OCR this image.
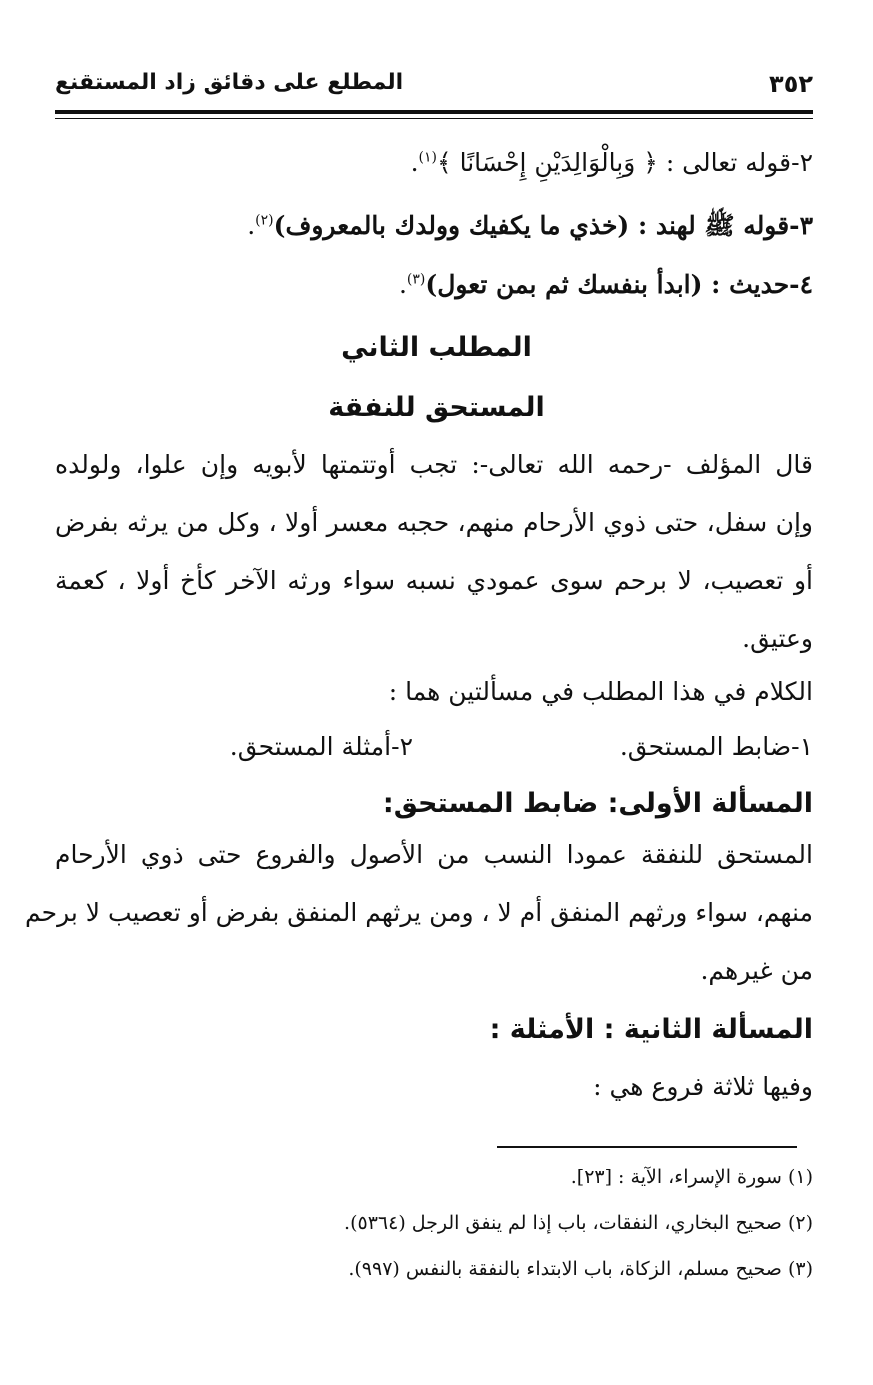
٣٥٢
المطلع على دقائق زاد المستقنع
٢-قوله تعالى : ﴿ وَبِالْوَالِدَيْنِ إِحْسَانًا ﴾$^{(١)}$.
٣-قوله ﷺ لهند : (خذي ما يكفيك وولدك بالمعروف)$^{(٢)}$.
٤-حديث : (ابدأ بنفسك ثم بمن تعول)$^{(٣)}$.
المطلب الثاني
المستحق للنفقة
قال المؤلف -رحمه الله تعالى-: تجب أوتتمتها لأبويه وإن علوا، ولولده
وإن سفل، حتى ذوي الأرحام منهم، حجبه معسر أولا ، وكل من يرثه بفرض
أو تعصيب، لا برحم سوى عمودي نسبه سواء ورثه الآخر كأخ أولا ، كعمة
وعتيق.
الكلام في هذا المطلب في مسألتين هما :
١-ضابط المستحق.
٢-أمثلة المستحق.
المسألة الأولى: ضابط المستحق:
المستحق للنفقة عمودا النسب من الأصول والفروع حتى ذوي الأرحام
منهم، سواء ورثهم المنفق أم لا ، ومن يرثهم المنفق بفرض أو تعصيب لا برحم
من غيرهم.
المسألة الثانية : الأمثلة :
وفيها ثلاثة فروع هي :
(١) سورة الإسراء، الآية : [٢٣].
(٢) صحيح البخاري، النفقات، باب إذا لم ينفق الرجل (٥٣٦٤).
(٣) صحيح مسلم، الزكاة، باب الابتداء بالنفقة بالنفس (٩٩٧).
